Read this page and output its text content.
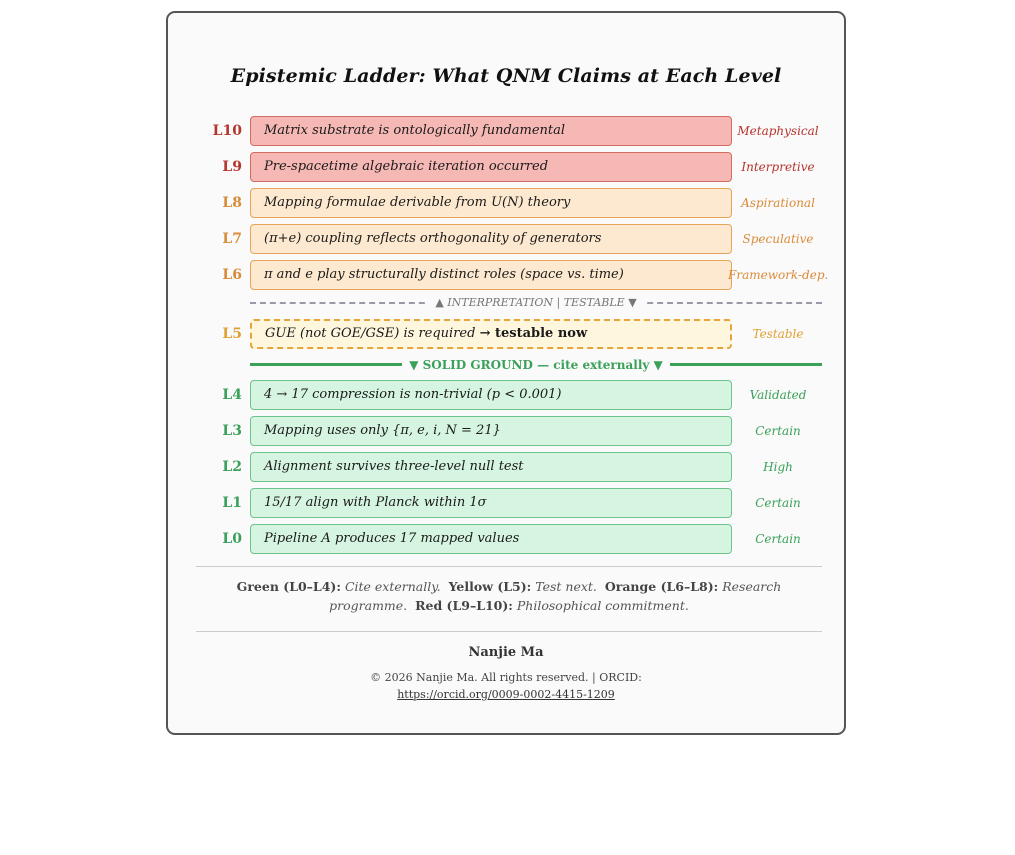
Epistemic Ladder: What QNM Claims at Each Level
L10	Matrix substrate is ontologically fundamental	Metaphysical
L9	Pre-spacetime algebraic iteration occurred	Interpretive
L8	Mapping formulae derivable from U(N) theory	Aspirational
L7	(π+e) coupling reflects orthogonality of generators	Speculative
L6	π and e play structurally distinct roles (space vs. time)	Framework-dep.
▲ INTERPRETATION | TESTABLE ▼
L5	GUE (not GOE/GSE) is required → testable now	Testable
▼ SOLID GROUND — cite externally ▼
L4	4 → 17 compression is non-trivial (p < 0.001)	Validated
L3	Mapping uses only {π, e, i, N = 21}	Certain
L2	Alignment survives three-level null test	High
L1	15/17 align with Planck within 1σ	Certain
L0	Pipeline A produces 17 mapped values	Certain
Green (L0–L4): Cite externally. Yellow (L5): Test next. Orange (L6–L8): Research programme. Red (L9–L10): Philosophical commitment.
Nanjie Ma
© 2026 Nanjie Ma. All rights reserved. | ORCID:
https://orcid.org/0009-0002-4415-1209
